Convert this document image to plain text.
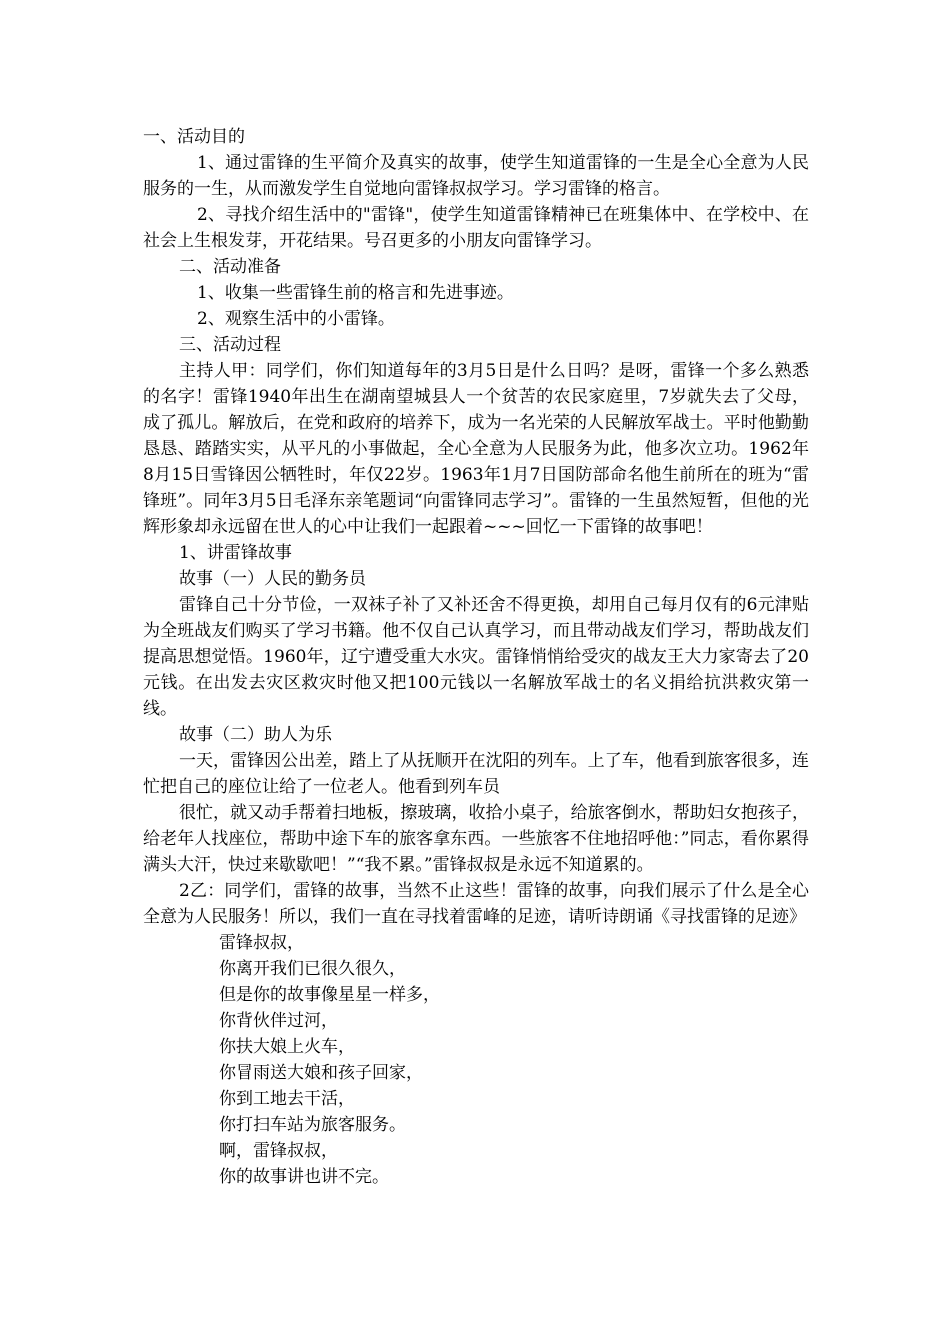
一、活动目的

1、通过雷锋的生平简介及真实的故事，使学生知道雷锋的一生是全心全意为人民服务的一生，从而激发学生自觉地向雷锋叔叔学习。学习雷锋的格言。

2、寻找介绍生活中的"雷锋"，使学生知道雷锋精神已在班集体中、在学校中、在社会上生根发芽，开花结果。号召更多的小朋友向雷锋学习。

二、活动准备

1、收集一些雷锋生前的格言和先进事迹。

2、观察生活中的小雷锋。

三、活动过程

主持人甲：同学们，你们知道每年的3月5日是什么日吗？是呀，雷锋一个多么熟悉的名字！雷锋1940年出生在湖南望城县人一个贫苦的农民家庭里，7岁就失去了父母，成了孤儿。解放后，在党和政府的培养下，成为一名光荣的人民解放军战士。平时他勤勤恳恳、踏踏实实，从平凡的小事做起，全心全意为人民服务为此，他多次立功。1962年8月15日雪锋因公牺牲时，年仅22岁。1963年1月7日国防部命名他生前所在的班为“雷锋班”。同年3月5日毛泽东亲笔题词“向雷锋同志学习”。雷锋的一生虽然短暂，但他的光辉形象却永远留在世人的心中让我们一起跟着~~~回忆一下雷锋的故事吧！

1、讲雷锋故事

故事（一）人民的勤务员

雷锋自己十分节俭，一双袜子补了又补还舍不得更换，却用自己每月仅有的6元津贴为全班战友们购买了学习书籍。他不仅自己认真学习，而且带动战友们学习，帮助战友们提高思想觉悟。1960年，辽宁遭受重大水灾。雷锋悄悄给受灾的战友王大力家寄去了20元钱。在出发去灾区救灾时他又把100元钱以一名解放军战士的名义捐给抗洪救灾第一线。

故事（二）助人为乐

一天，雷锋因公出差，踏上了从抚顺开在沈阳的列车。上了车，他看到旅客很多，连忙把自己的座位让给了一位老人。他看到列车员

很忙，就又动手帮着扫地板，擦玻璃，收拾小桌子，给旅客倒水，帮助妇女抱孩子，给老年人找座位，帮助中途下车的旅客拿东西。一些旅客不住地招呼他：”同志，看你累得满头大汗，快过来歇歇吧！”“我不累。”雷锋叔叔是永远不知道累的。

2乙：同学们，雷锋的故事，当然不止这些！雷锋的故事，向我们展示了什么是全心全意为人民服务！所以，我们一直在寻找着雷峰的足迹，请听诗朗诵《寻找雷锋的足迹》

雷锋叔叔，
你离开我们已很久很久，
但是你的故事像星星一样多，
你背伙伴过河，
你扶大娘上火车，
你冒雨送大娘和孩子回家，
你到工地去干活，
你打扫车站为旅客服务。
啊，雷锋叔叔，
你的故事讲也讲不完。
